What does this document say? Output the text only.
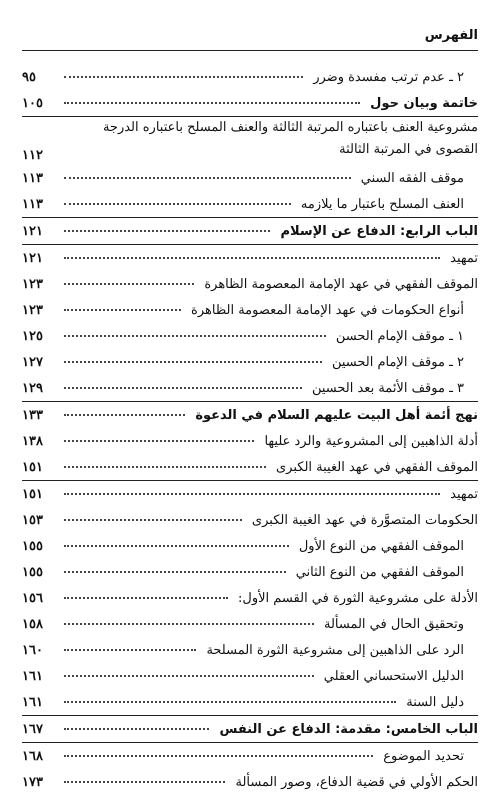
الفهرس
٢ ـ عدم ترتب مفسدة وضرر
٩٥
خاتمة وبيان حول
١٠٥
مشروعية العنف باعتباره المرتبة الثالثة والعنف المسلح باعتباره الدرجة القصوى في المرتبة الثالثة
١١٢
موقف الفقه السني
١١٣
العنف المسلح باعتبار ما يلازمه
١١٣
الباب الرابع: الدفاع عن الإسلام
١٢١
تمهيد
١٢١
الموقف الفقهي في عهد الإمامة المعصومة الظاهرة
١٢٣
أنواع الحكومات في عهد الإمامة المعصومة الظاهرة
١٢٣
١ ـ موقف الإمام الحسن‏
١٢٥
٢ ـ موقف الإمام الحسين‏
١٢٧
٣ ـ موقف الأئمة بعد الحسين‏
١٢٩
نهج أئمة أهل البيت عليهم السلام في الدعوة
١٣٣
أدلة الذاهبين إلى المشروعية والرد عليها
١٣٨
الموقف الفقهي في عهد الغيبة الكبرى
١٥١
تمهيد
١٥١
الحكومات المتصوَّرة في عهد الغيبة الكبرى
١٥٣
الموقف الفقهي من النوع الأول
١٥٥
الموقف الفقهي من النوع الثاني
١٥٥
الأدلة على مشروعية الثورة في القسم الأول:
١٥٦
وتحقيق الحال في المسألة
١٥٨
الرد على الذاهبين إلى مشروعية الثورة المسلحة
١٦٠
الدليل الاستحساني العقلي
١٦١
دليل السنة
١٦١
الباب الخامس: مقدمة: الدفاع عن النفس
١٦٧
تحديد الموضوع
١٦٨
الحكم الأولي في قضية الدفاع، وصور المسألة
١٧٣
